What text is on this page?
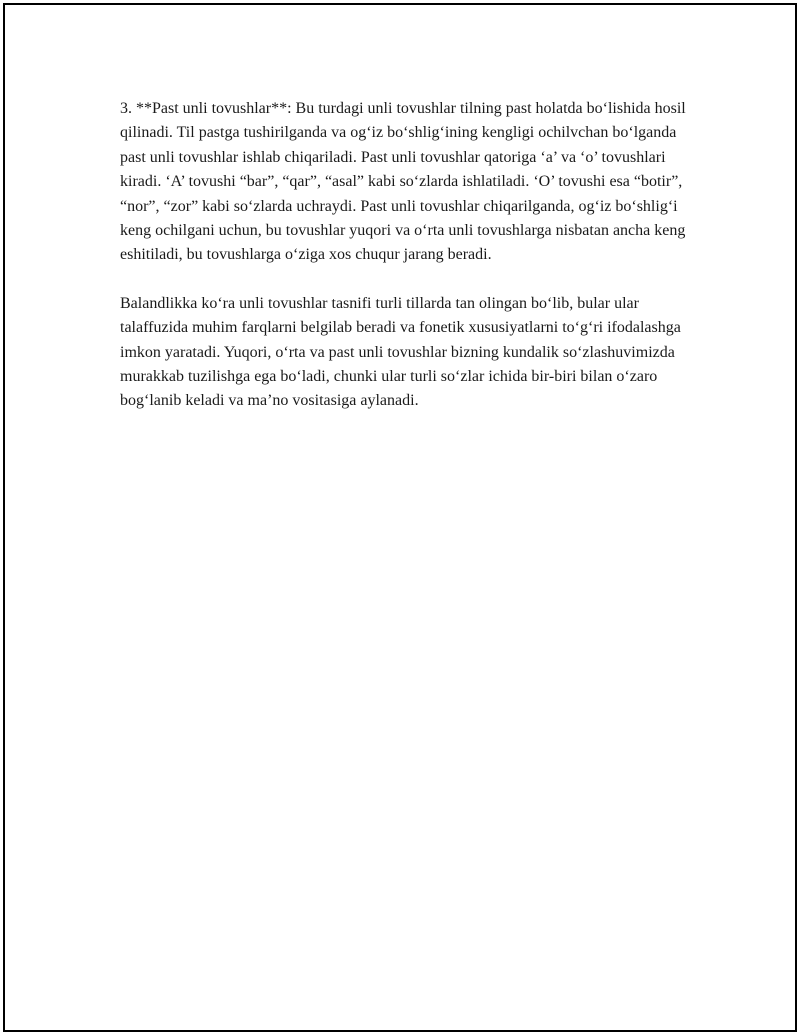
3. **Past unli tovushlar**: Bu turdagi unli tovushlar tilning past holatda bo‘lishida hosil qilinadi. Til pastga tushirilganda va og‘iz bo‘shlig‘ining kengligi ochilvchan bo‘lganda past unli tovushlar ishlab chiqariladi. Past unli tovushlar qatoriga ‘a’ va ‘o’ tovushlari kiradi. ‘A’ tovushi “bar”, “qar”, “asal” kabi so‘zlarda ishlatiladi. ‘O’ tovushi esa “botir”, “nor”, “zor” kabi so‘zlarda uchraydi. Past unli tovushlar chiqarilganda, og‘iz bo‘shlig‘i keng ochilgani uchun, bu tovushlar yuqori va o‘rta unli tovushlarga nisbatan ancha keng eshitiladi, bu tovushlarga o‘ziga xos chuqur jarang beradi.

Balandlikka ko‘ra unli tovushlar tasnifi turli tillarda tan olingan bo‘lib, bular ular talaffuzida muhim farqlarni belgilab beradi va fonetik xususiyatlarni to‘g‘ri ifodalashga imkon yaratadi. Yuqori, o‘rta va past unli tovushlar bizning kundalik so‘zlashuvimizda murakkab tuzilishga ega bo‘ladi, chunki ular turli so‘zlar ichida bir-biri bilan o‘zaro bog‘lanib keladi va ma’no vositasiga aylanadi.
